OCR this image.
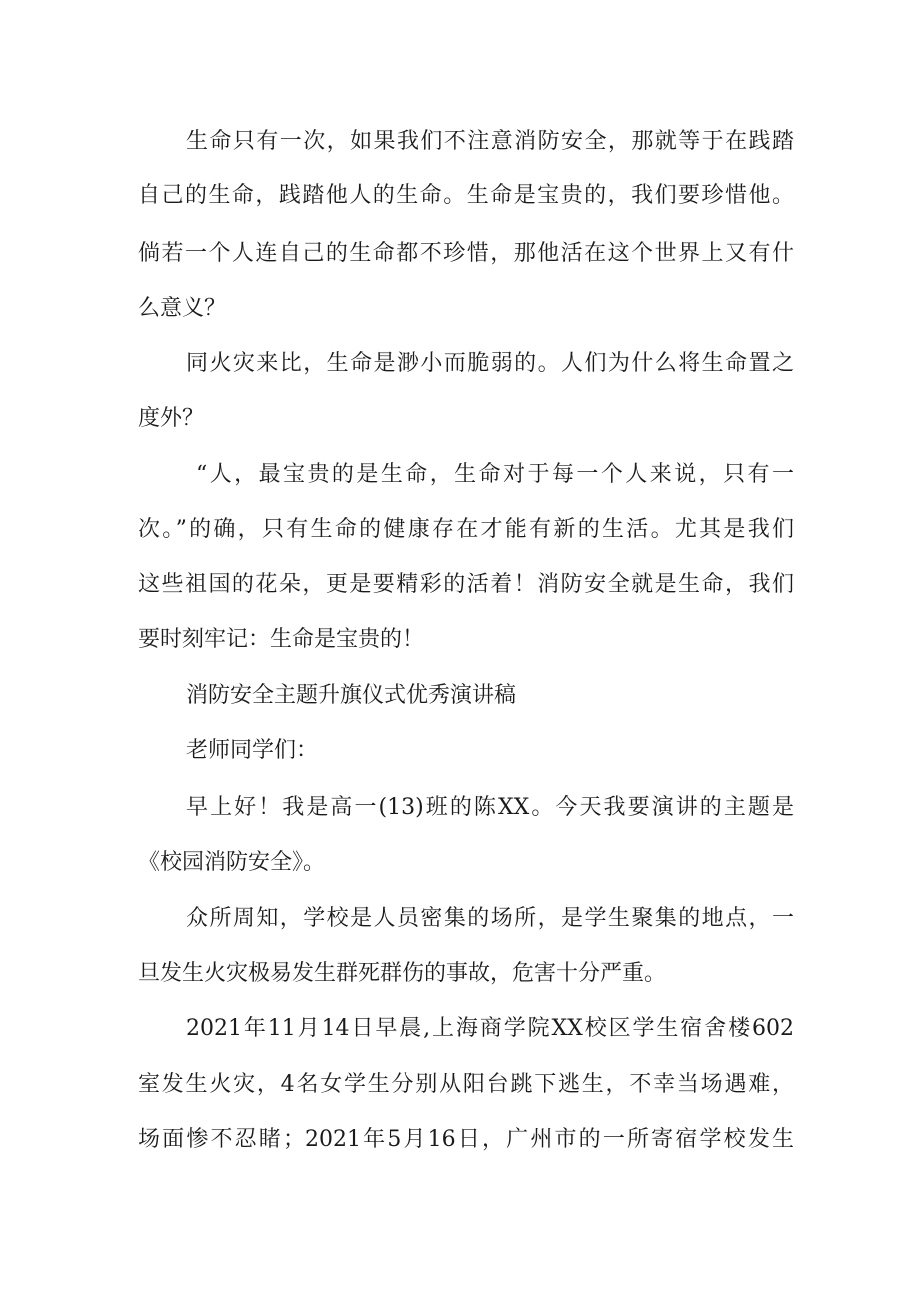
生命只有一次，如果我们不注意消防安全，那就等于在践踏
自己的生命，践踏他人的生命。生命是宝贵的，我们要珍惜他。
倘若一个人连自己的生命都不珍惜，那他活在这个世界上又有什
么意义？
同火灾来比，生命是渺小而脆弱的。人们为什么将生命置之
度外？
“人，最宝贵的是生命，生命对于每一个人来说，只有一
次。”的确，只有生命的健康存在才能有新的生活。尤其是我们
这些祖国的花朵，更是要精彩的活着！消防安全就是生命，我们
要时刻牢记：生命是宝贵的！
消防安全主题升旗仪式优秀演讲稿
老师同学们：
早上好！我是高一(13)班的陈XX。今天我要演讲的主题是
《校园消防安全》。
众所周知，学校是人员密集的场所，是学生聚集的地点，一
旦发生火灾极易发生群死群伤的事故，危害十分严重。
2021年11月14日早晨,上海商学院XX校区学生宿舍楼602
室发生火灾，4名女学生分别从阳台跳下逃生，不幸当场遇难，
场面惨不忍睹；2021年5月16日，广州市的一所寄宿学校发生
